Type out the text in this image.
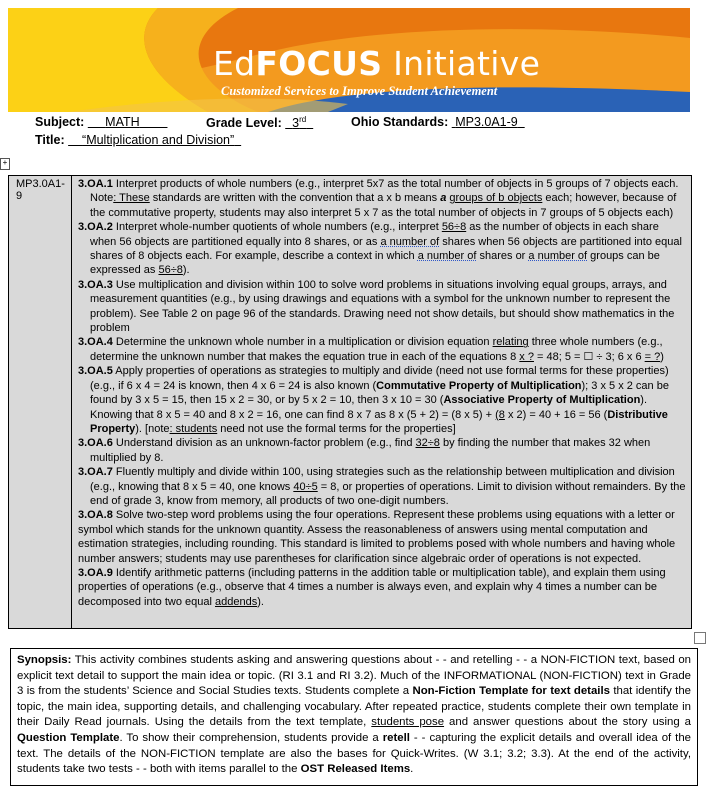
EdFOCUS Initiative
Customized Services to Improve Student Achievement
Subject: MATH	Grade Level: 3rd	Ohio Standards: MP3.0A1-9
Title: “Multiplication and Division”
+
MP3.0A1-9

3.OA.1 Interpret products of whole numbers (e.g., interpret 5x7 as the total number of objects in 5 groups of 7 objects each. Note: These standards are written with the convention that a x b means a groups of b objects each; however, because of the commutative property, students may also interpret 5 x 7 as the total number of objects in 7 groups of 5 objects each)

3.OA.2 Interpret whole-number quotients of whole numbers (e.g., interpret 56÷8 as the number of objects in each share when 56 objects are partitioned equally into 8 shares, or as a number of shares when 56 objects are partitioned into equal shares of 8 objects each. For example, describe a context in which a number of shares or a number of groups can be expressed as 56÷8).

3.OA.3 Use multiplication and division within 100 to solve word problems in situations involving equal groups, arrays, and measurement quantities (e.g., by using drawings and equations with a symbol for the unknown number to represent the problem). See Table 2 on page 96 of the standards. Drawing need not show details, but should show mathematics in the problem

3.OA.4 Determine the unknown whole number in a multiplication or division equation relating three whole numbers (e.g., determine the unknown number that makes the equation true in each of the equations 8 x ? = 48; 5 = ☐ ÷ 3; 6 x 6 = ?)

3.OA.5 Apply properties of operations as strategies to multiply and divide (need not use formal terms for these properties) (e.g., if 6 x 4 = 24 is known, then 4 x 6 = 24 is also known (Commutative Property of Multiplication); 3 x 5 x 2 can be found by 3 x 5 = 15, then 15 x 2 = 30, or by 5 x 2 = 10, then 3 x 10 = 30 (Associative Property of Multiplication). Knowing that 8 x 5 = 40 and 8 x 2 = 16, one can find 8 x 7 as 8 x (5 + 2) = (8 x 5) + (8 x 2) = 40 + 16 = 56 (Distributive Property). [note: students need not use the formal terms for the properties]

3.OA.6 Understand division as an unknown-factor problem (e.g., find 32÷8 by finding the number that makes 32 when multiplied by 8.

3.OA.7 Fluently multiply and divide within 100, using strategies such as the relationship between multiplication and division (e.g., knowing that 8 x 5 = 40, one knows 40÷5 = 8, or properties of operations. Limit to division without remainders. By the end of grade 3, know from memory, all products of two one-digit numbers.

3.OA.8 Solve two-step word problems using the four operations. Represent these problems using equations with a letter or symbol which stands for the unknown quantity. Assess the reasonableness of answers using mental computation and estimation strategies, including rounding. This standard is limited to problems posed with whole numbers and having whole number answers; students may use parentheses for clarification since algebraic order of operations is not expected.

3.OA.9 Identify arithmetic patterns (including patterns in the addition table or multiplication table), and explain them using properties of operations (e.g., observe that 4 times a number is always even, and explain why 4 times a number can be decomposed into two equal addends).

Synopsis: This activity combines students asking and answering questions about - - and retelling - - a NON-FICTION text, based on explicit text detail to support the main idea or topic. (RI 3.1 and RI 3.2). Much of the INFORMATIONAL (NON-FICTION) text in Grade 3 is from the students’ Science and Social Studies texts. Students complete a Non-Fiction Template for text details that identify the topic, the main idea, supporting details, and challenging vocabulary. After repeated practice, students complete their own template in their Daily Read journals. Using the details from the text template, students pose and answer questions about the story using a Question Template. To show their comprehension, students provide a retell - - capturing the explicit details and overall idea of the text. The details of the NON-FICTION template are also the bases for Quick-Writes. (W 3.1; 3.2; 3.3). At the end of the activity, students take two tests - - both with items parallel to the OST Released Items.
